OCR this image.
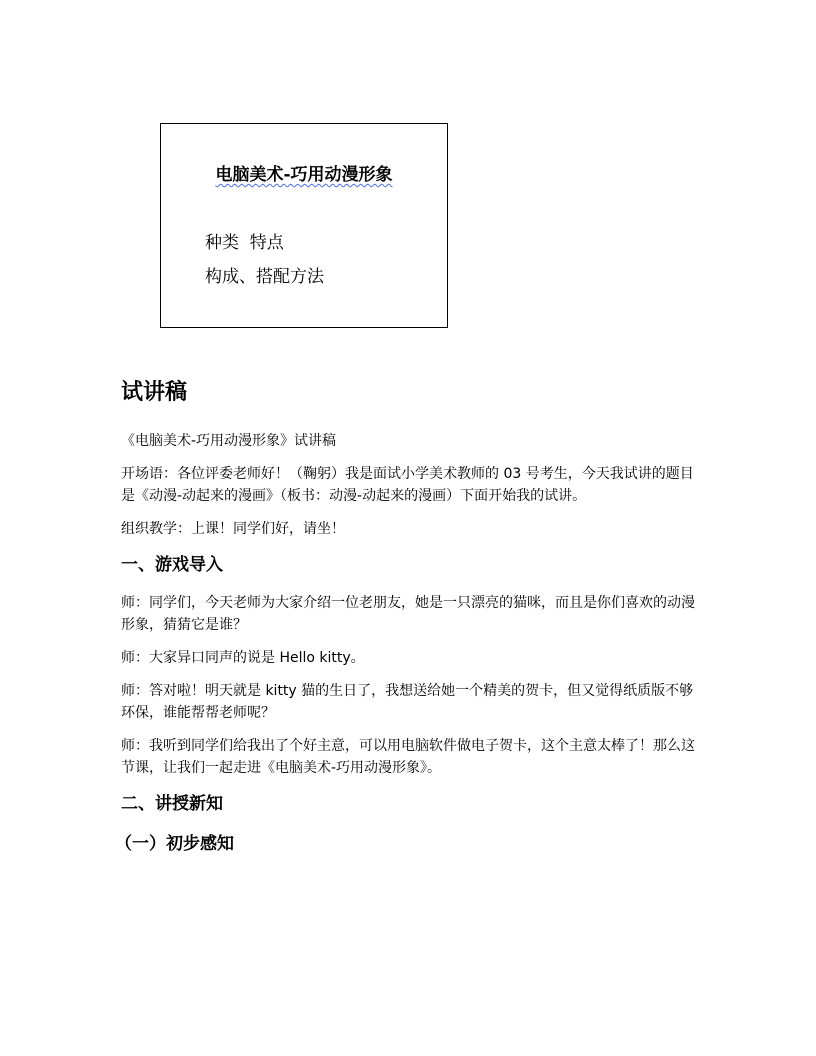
电脑美术-巧用动漫形象
种类  特点
构成、搭配方法
试讲稿

《电脑美术-巧用动漫形象》试讲稿

开场语：各位评委老师好！（鞠躬）我是面试小学美术教师的 03 号考生，今天我试讲的题目是《动漫-动起来的漫画》（板书：动漫-动起来的漫画）下面开始我的试讲。

组织教学：上课！同学们好，请坐！

一、游戏导入

师：同学们，今天老师为大家介绍一位老朋友，她是一只漂亮的猫咪，而且是你们喜欢的动漫形象，猜猜它是谁？

师：大家异口同声的说是 Hello kitty。

师：答对啦！明天就是 kitty 猫的生日了，我想送给她一个精美的贺卡，但又觉得纸质版不够环保，谁能帮帮老师呢？

师：我听到同学们给我出了个好主意，可以用电脑软件做电子贺卡，这个主意太棒了！那么这节课，让我们一起走进《电脑美术-巧用动漫形象》。

二、讲授新知
（一）初步感知
